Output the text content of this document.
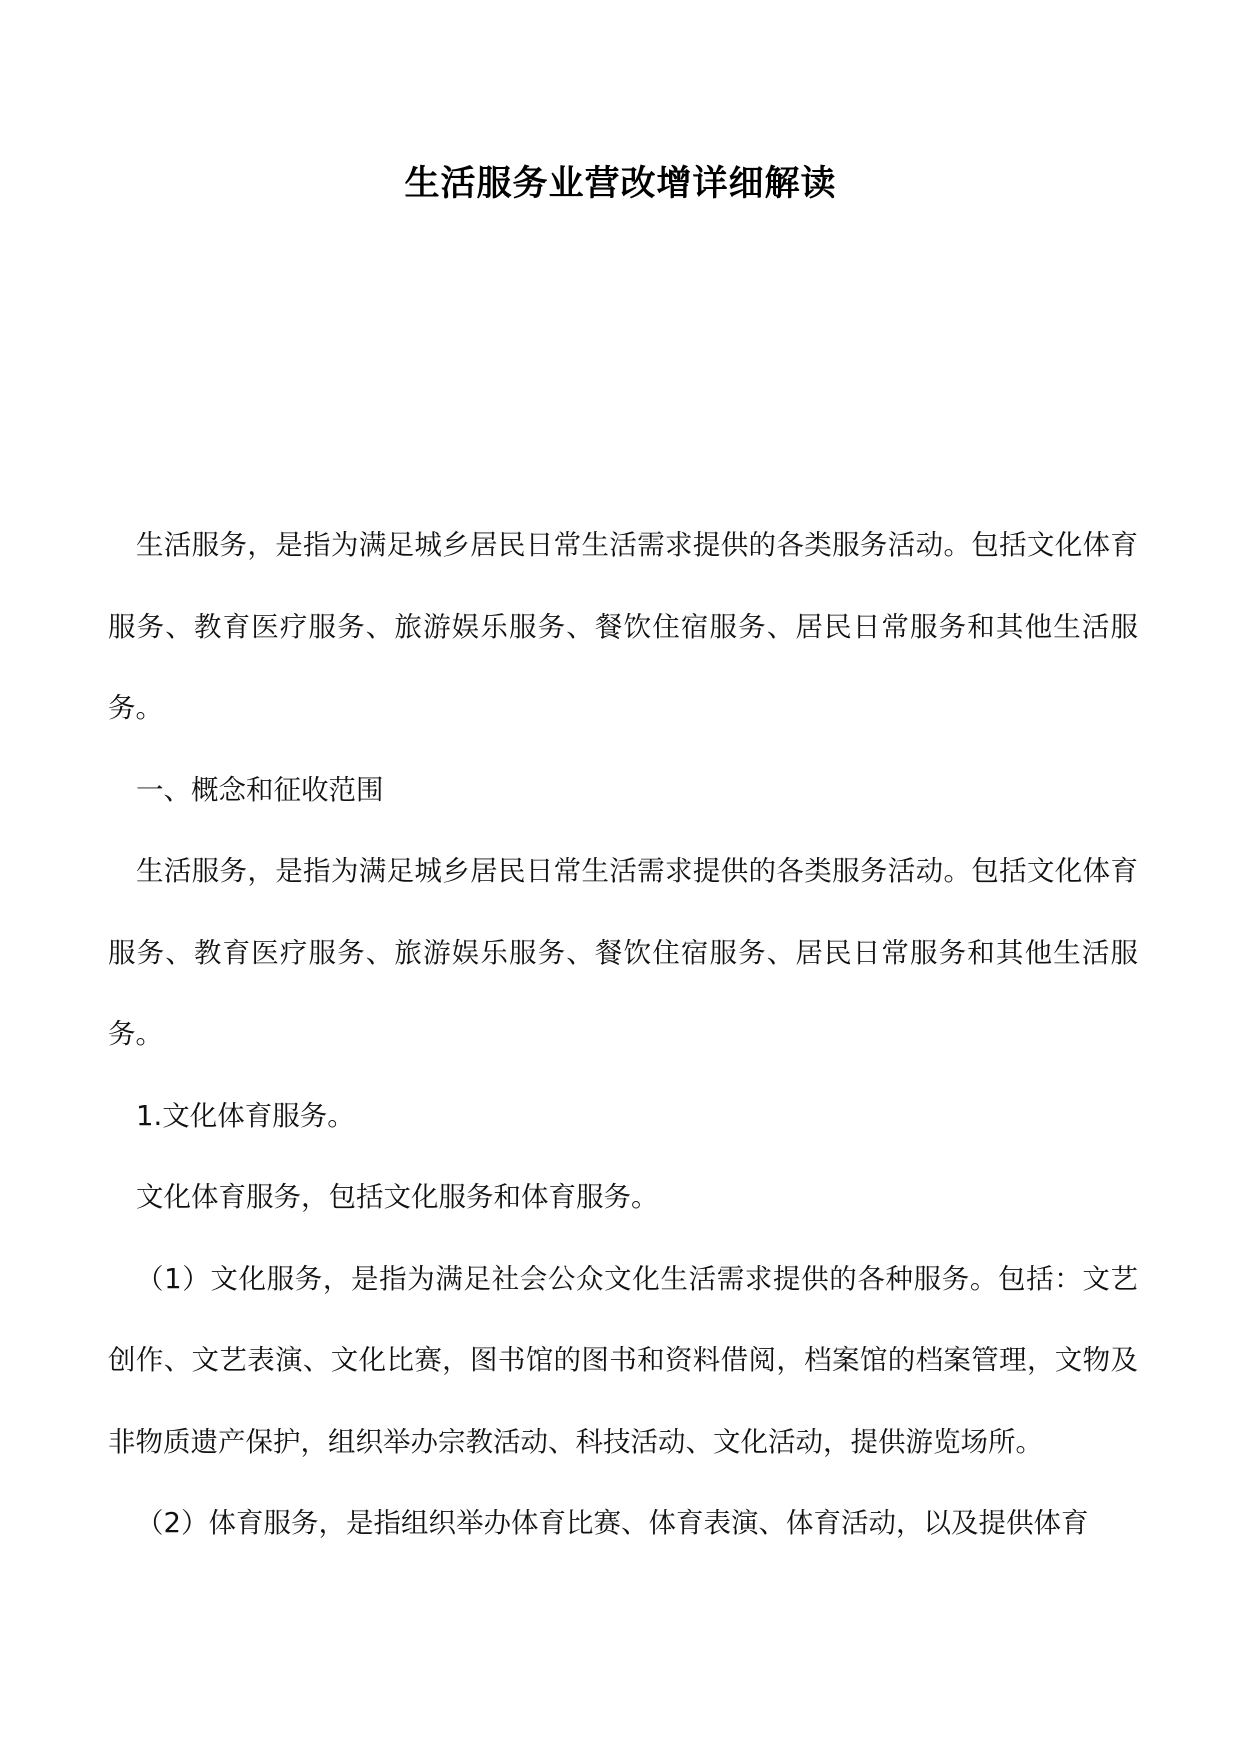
生活服务业营改增详细解读

生活服务，是指为满足城乡居民日常生活需求提供的各类服务活动。包括文化体育服务、教育医疗服务、旅游娱乐服务、餐饮住宿服务、居民日常服务和其他生活服务。

一、概念和征收范围

生活服务，是指为满足城乡居民日常生活需求提供的各类服务活动。包括文化体育服务、教育医疗服务、旅游娱乐服务、餐饮住宿服务、居民日常服务和其他生活服务。

1.文化体育服务。

文化体育服务，包括文化服务和体育服务。

（1）文化服务，是指为满足社会公众文化生活需求提供的各种服务。包括：文艺创作、文艺表演、文化比赛，图书馆的图书和资料借阅，档案馆的档案管理，文物及非物质遗产保护，组织举办宗教活动、科技活动、文化活动，提供游览场所。

（2）体育服务，是指组织举办体育比赛、体育表演、体育活动，以及提供体育
